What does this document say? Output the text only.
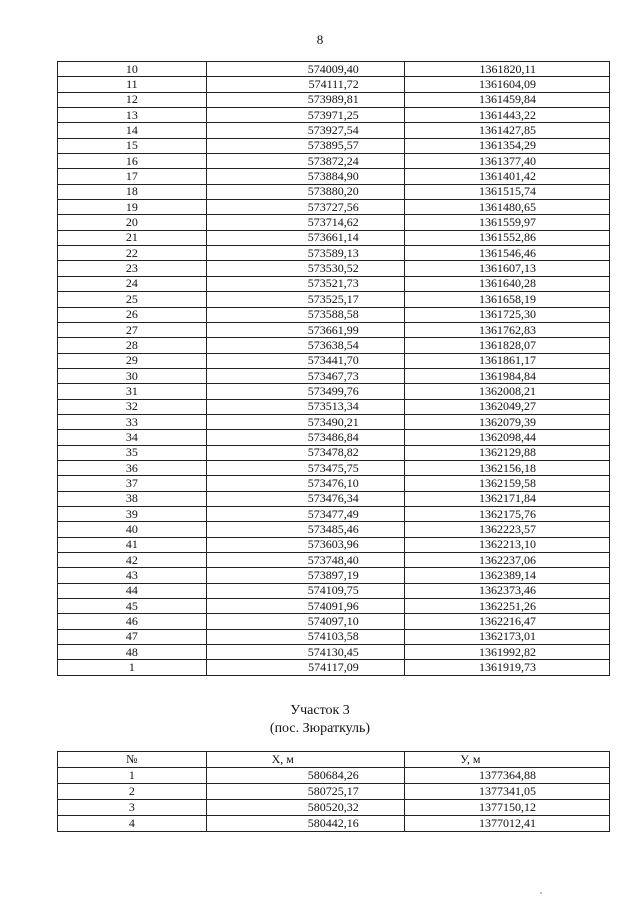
8
10	574009,40	1361820,11
11	574111,72	1361604,09
12	573989,81	1361459,84
13	573971,25	1361443,22
14	573927,54	1361427,85
15	573895,57	1361354,29
16	573872,24	1361377,40
17	573884,90	1361401,42
18	573880,20	1361515,74
19	573727,56	1361480,65
20	573714,62	1361559,97
21	573661,14	1361552,86
22	573589,13	1361546,46
23	573530,52	1361607,13
24	573521,73	1361640,28
25	573525,17	1361658,19
26	573588,58	1361725,30
27	573661,99	1361762,83
28	573638,54	1361828,07
29	573441,70	1361861,17
30	573467,73	1361984,84
31	573499,76	1362008,21
32	573513,34	1362049,27
33	573490,21	1362079,39
34	573486,84	1362098,44
35	573478,82	1362129,88
36	573475,75	1362156,18
37	573476,10	1362159,58
38	573476,34	1362171,84
39	573477,49	1362175,76
40	573485,46	1362223,57
41	573603,96	1362213,10
42	573748,40	1362237,06
43	573897,19	1362389,14
44	574109,75	1362373,46
45	574091,96	1362251,26
46	574097,10	1362216,47
47	574103,58	1362173,01
48	574130,45	1361992,82
1	574117,09	1361919,73
Участок 3
(пос. Зюраткуль)
№	Х, м	У, м
1	580684,26	1377364,88
2	580725,17	1377341,05
3	580520,32	1377150,12
4	580442,16	1377012,41
